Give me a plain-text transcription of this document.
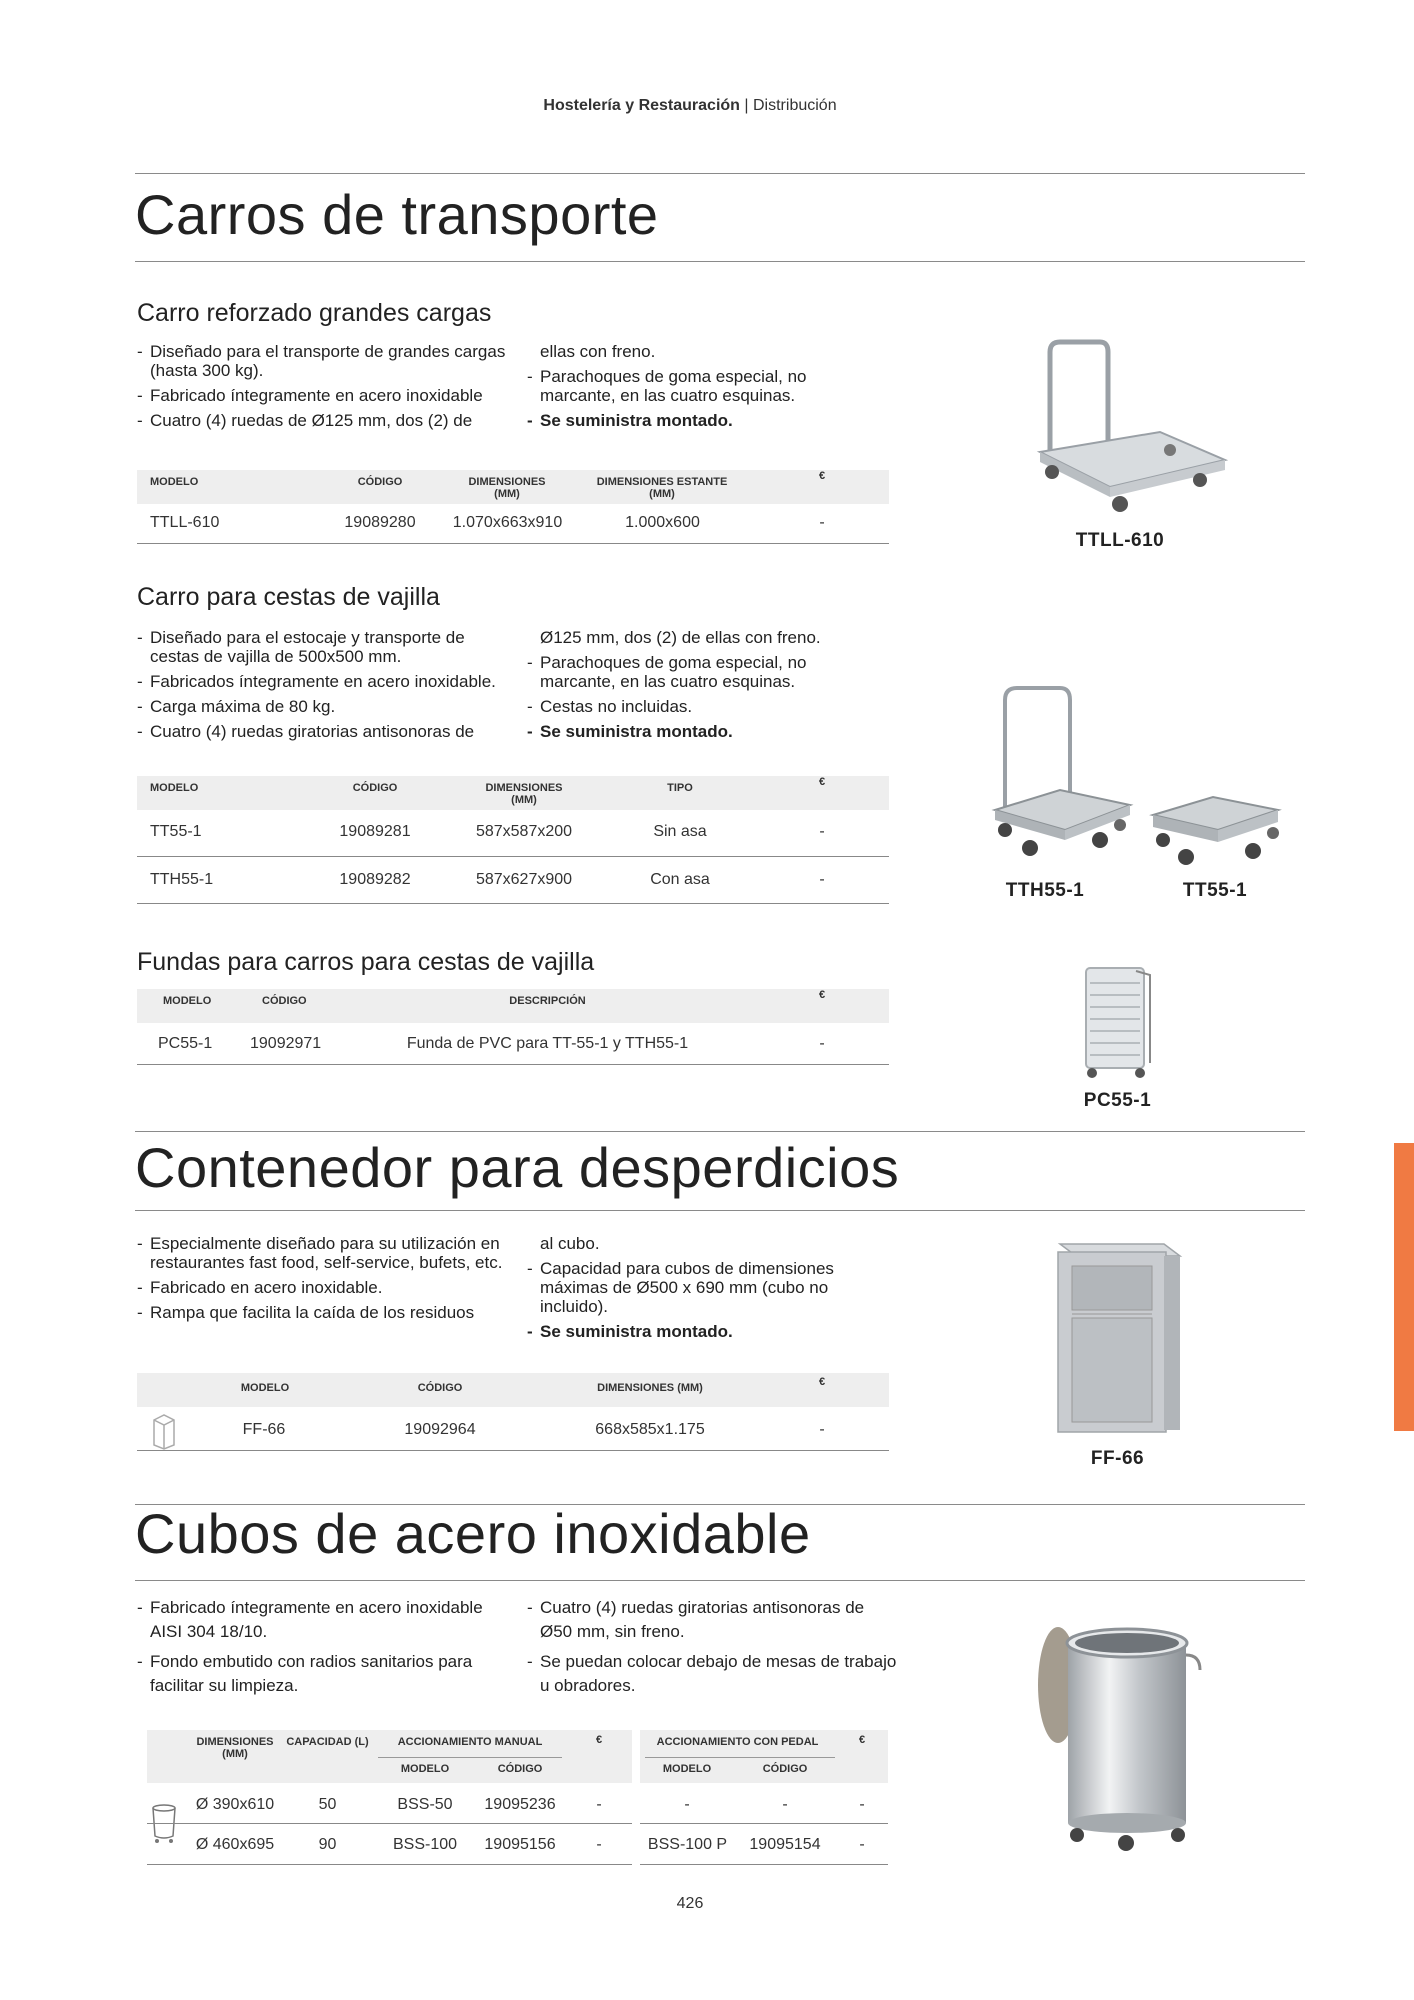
Hostelería y Restauración | Distribución
Carros de transporte
Carro reforzado grandes cargas
- Diseñado para el transporte de grandes cargas (hasta 300 kg).
- Fabricado íntegramente en acero inoxidable
- Cuatro (4) ruedas de Ø125 mm, dos (2) de
ellas con freno.
- Parachoques de goma especial, no marcante, en las cuatro esquinas.
- Se suministra montado.
MODELO	CÓDIGO	DIMENSIONES (MM)
DIMENSIONES ESTANTE (MM)
€
TTLL-610	19089280	1.070x663x910	1.000x600	-
TTLL-610
Carro para cestas de vajilla
- Diseñado para el estocaje y transporte de cestas de vajilla de 500x500 mm.
- Fabricados íntegramente en acero inoxidable.
- Carga máxima de 80 kg.
- Cuatro (4) ruedas giratorias antisonoras de
Ø125 mm, dos (2) de ellas con freno.
- Parachoques de goma especial, no marcante, en las cuatro esquinas.
- Cestas no incluidas.
- Se suministra montado.
MODELO	CÓDIGO	DIMENSIONES (MM)
TIPO	€
TT55-1	19089281	587x587x200	Sin asa	-
TTH55-1	19089282	587x627x900	Con asa	-
TTH55-1	TT55-1
Fundas para carros para cestas de vajilla
MODELO	CÓDIGO	DESCRIPCIÓN	€
PC55-1 19092971	Funda de PVC para TT-55-1 y TTH55-1	-
PC55-1
Contenedor para desperdicios
- Especialmente diseñado para su utilización en restaurantes fast food, self-service, bufets, etc.
- Fabricado en acero inoxidable.
- Rampa que facilita la caída de los residuos
al cubo.
- Capacidad para cubos de dimensiones máximas de Ø500 x 690 mm (cubo no incluido).
- Se suministra montado.
MODELO	CÓDIGO	DIMENSIONES (MM)	€
FF-66	19092964	668x585x1.175	-
FF-66
Cubos de acero inoxidable
- Fabricado íntegramente en acero inoxidable AISI 304 18/10.
- Fondo embutido con radios sanitarios para facilitar su limpieza.
- Cuatro (4) ruedas giratorias antisonoras de Ø50 mm, sin freno.
- Se puedan colocar debajo de mesas de trabajo u obradores.
DIMENSIONES (MM)
CAPACIDAD (L)	ACCIONAMIENTO MANUAL	€	ACCIONAMIENTO CON PEDAL	€
MODELO	CÓDIGO	MODELO	CÓDIGO
Ø 390x610	50	BSS-50	19095236	-	-	-	-
Ø 460x695	90	BSS-100	19095156	-	BSS-100 P	19095154	-
426
